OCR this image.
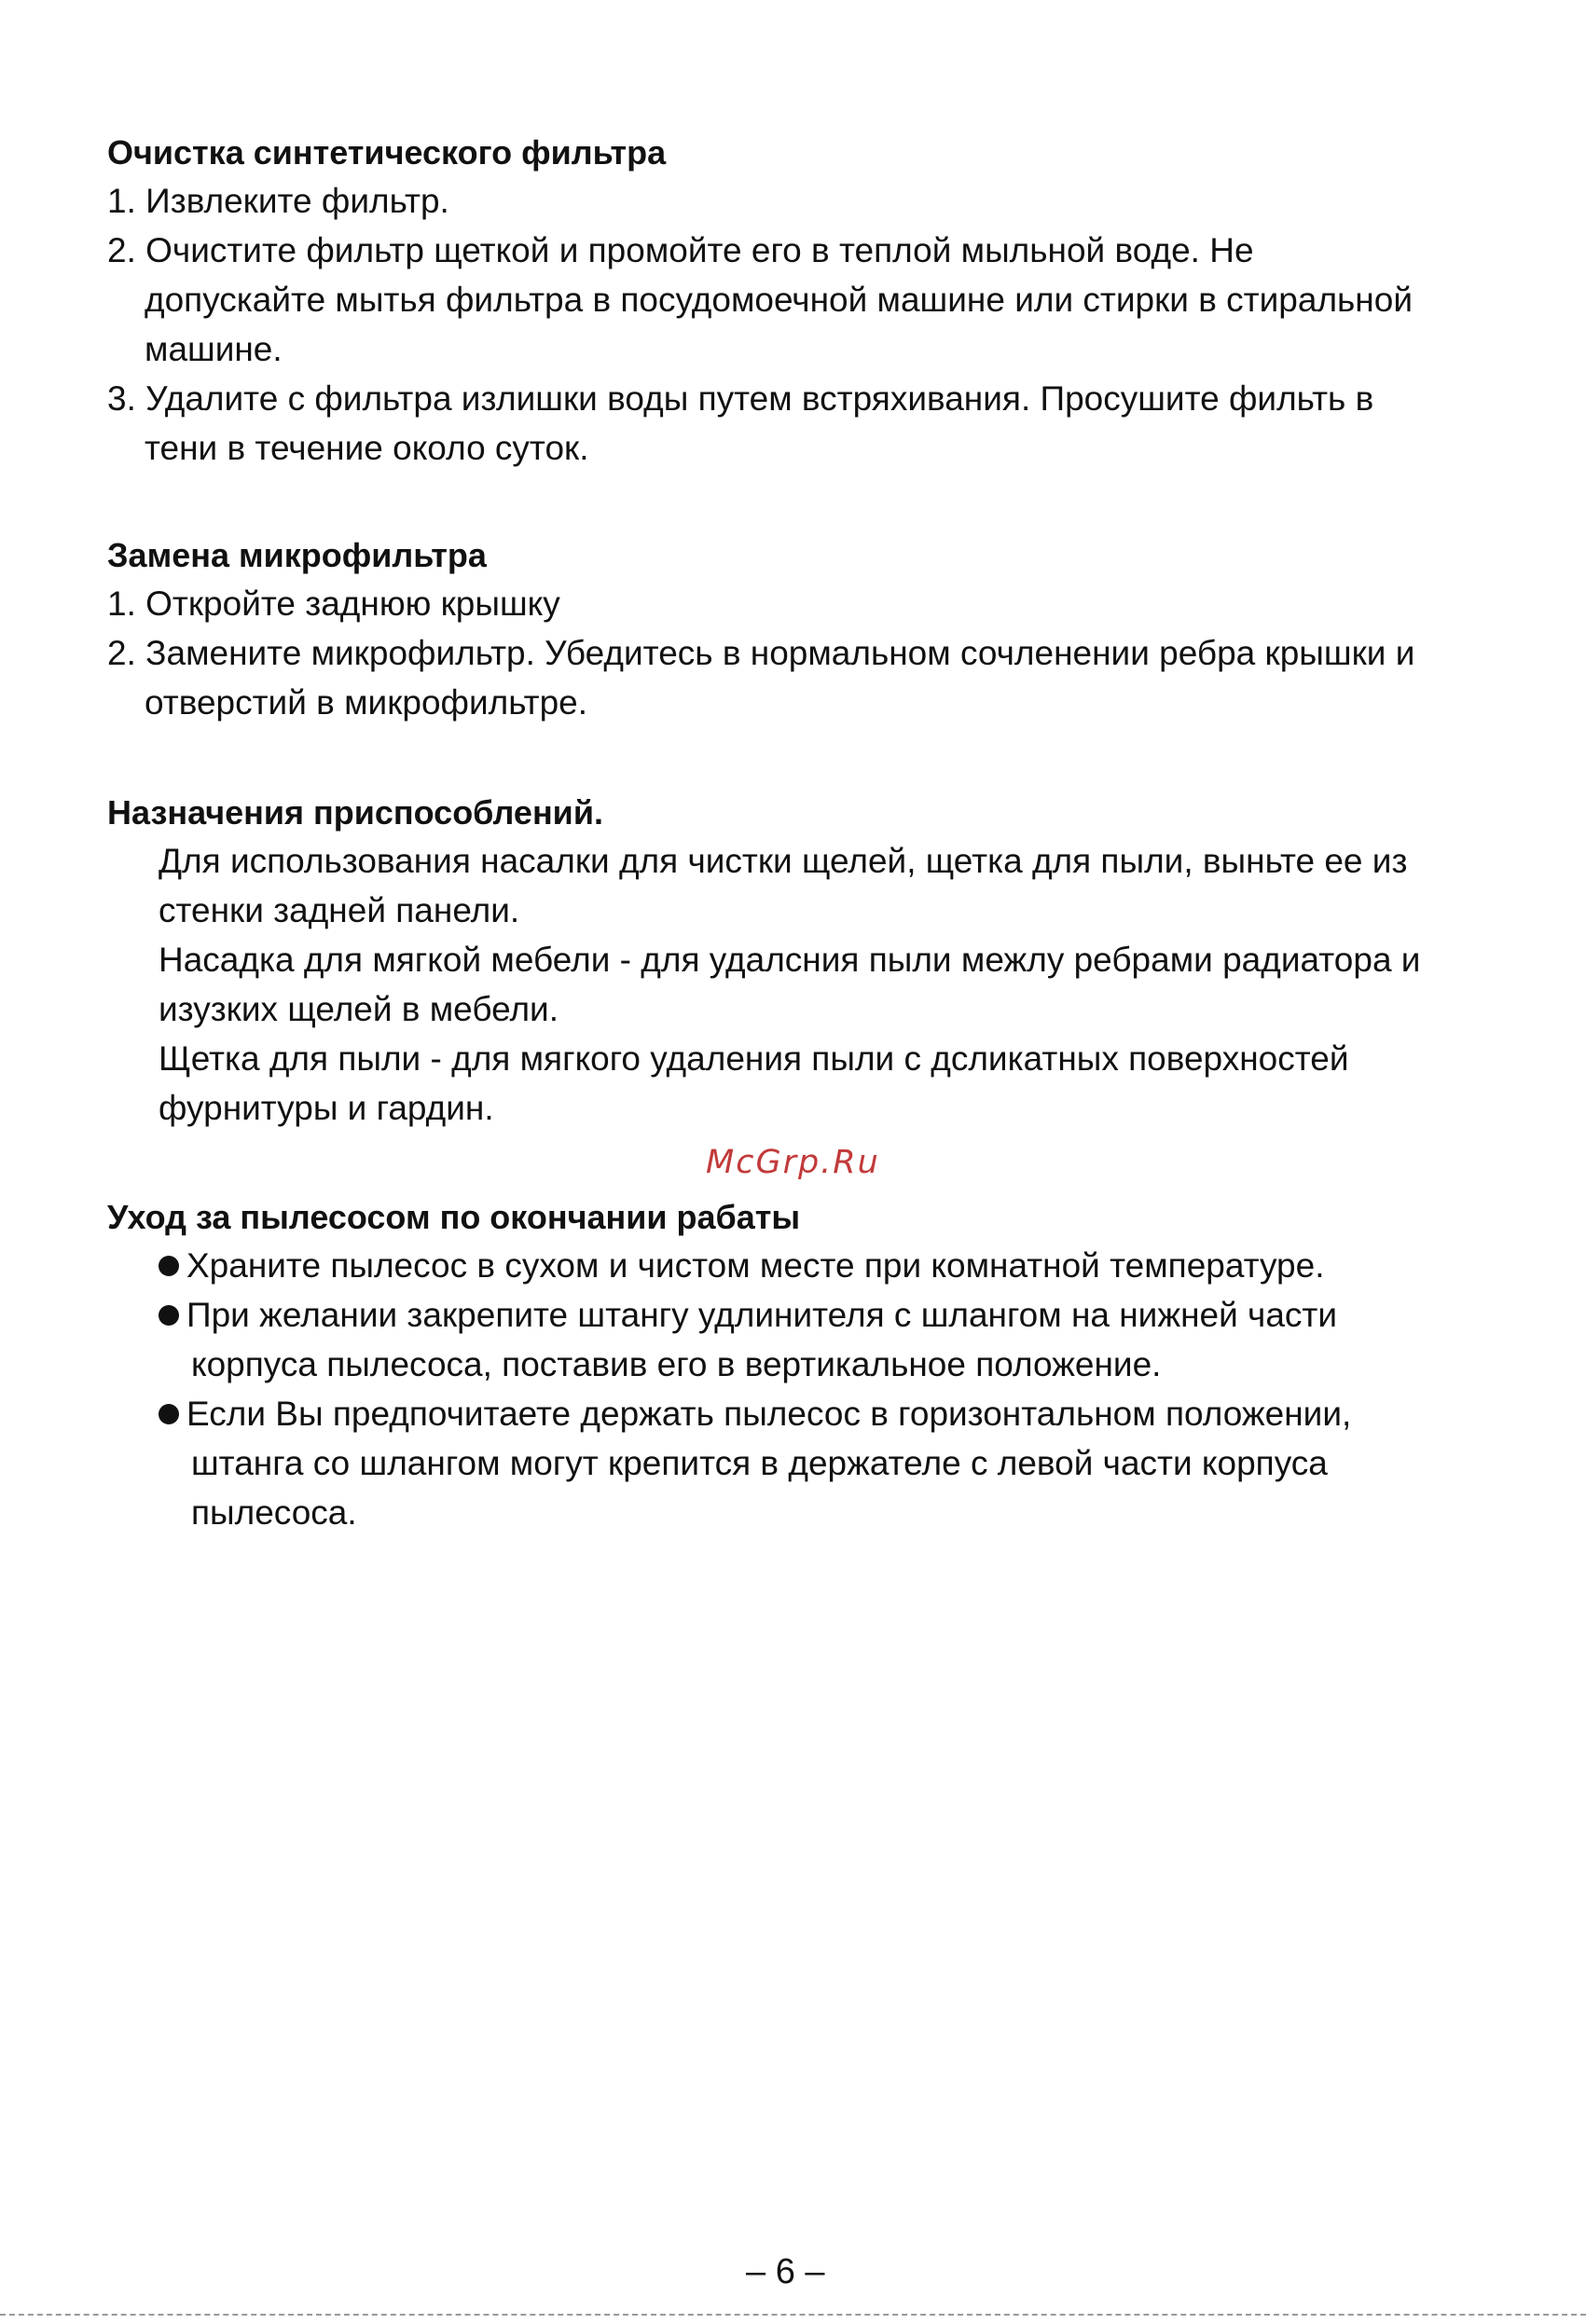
Очистка синтетического фильтра

1. Извлеките фильтр.

2. Очистите фильтр щеткой и промойте его в теплой мыльной воде. Не

допускайте мытья фильтра в посудомоечной машине или стирки в стиральной

машине.

3. Удалите с фильтра излишки воды путем встряхивания. Просушите фильть в

тени в течение около суток.

Замена микрофильтра

1. Откройте заднюю крышку

2. Замените микрофильтр. Убедитесь в нормальном сочленении ребра крышки и

отверстий в микрофильтре.

Назначения приспособлений.

Для использования насалки для чистки щелей, щетка для пыли, выньте ее из

стенки задней панели.

Насадка для мягкой мебели - для удалсния пыли межлу ребрами радиатора и

изузких щелей в мебели.

Щетка для пыли - для мягкого удаления пыли с дсликатных поверхностей

фурнитуры и гардин.

McGrp.Ru

Уход за пылесосом по окончании рабаты

Храните пылесос в сухом и чистом месте при комнатной температуре.

При желании закрепите штангу удлинителя с шлангом на нижней части

корпуса пылесоса, поставив его в вертикальное положение.

Если Вы предпочитаете держать пылесос в горизонтальном положении,

штанга со шлангом могут крепится в держателе с левой части корпуса

пылесоса.

– 6 –
